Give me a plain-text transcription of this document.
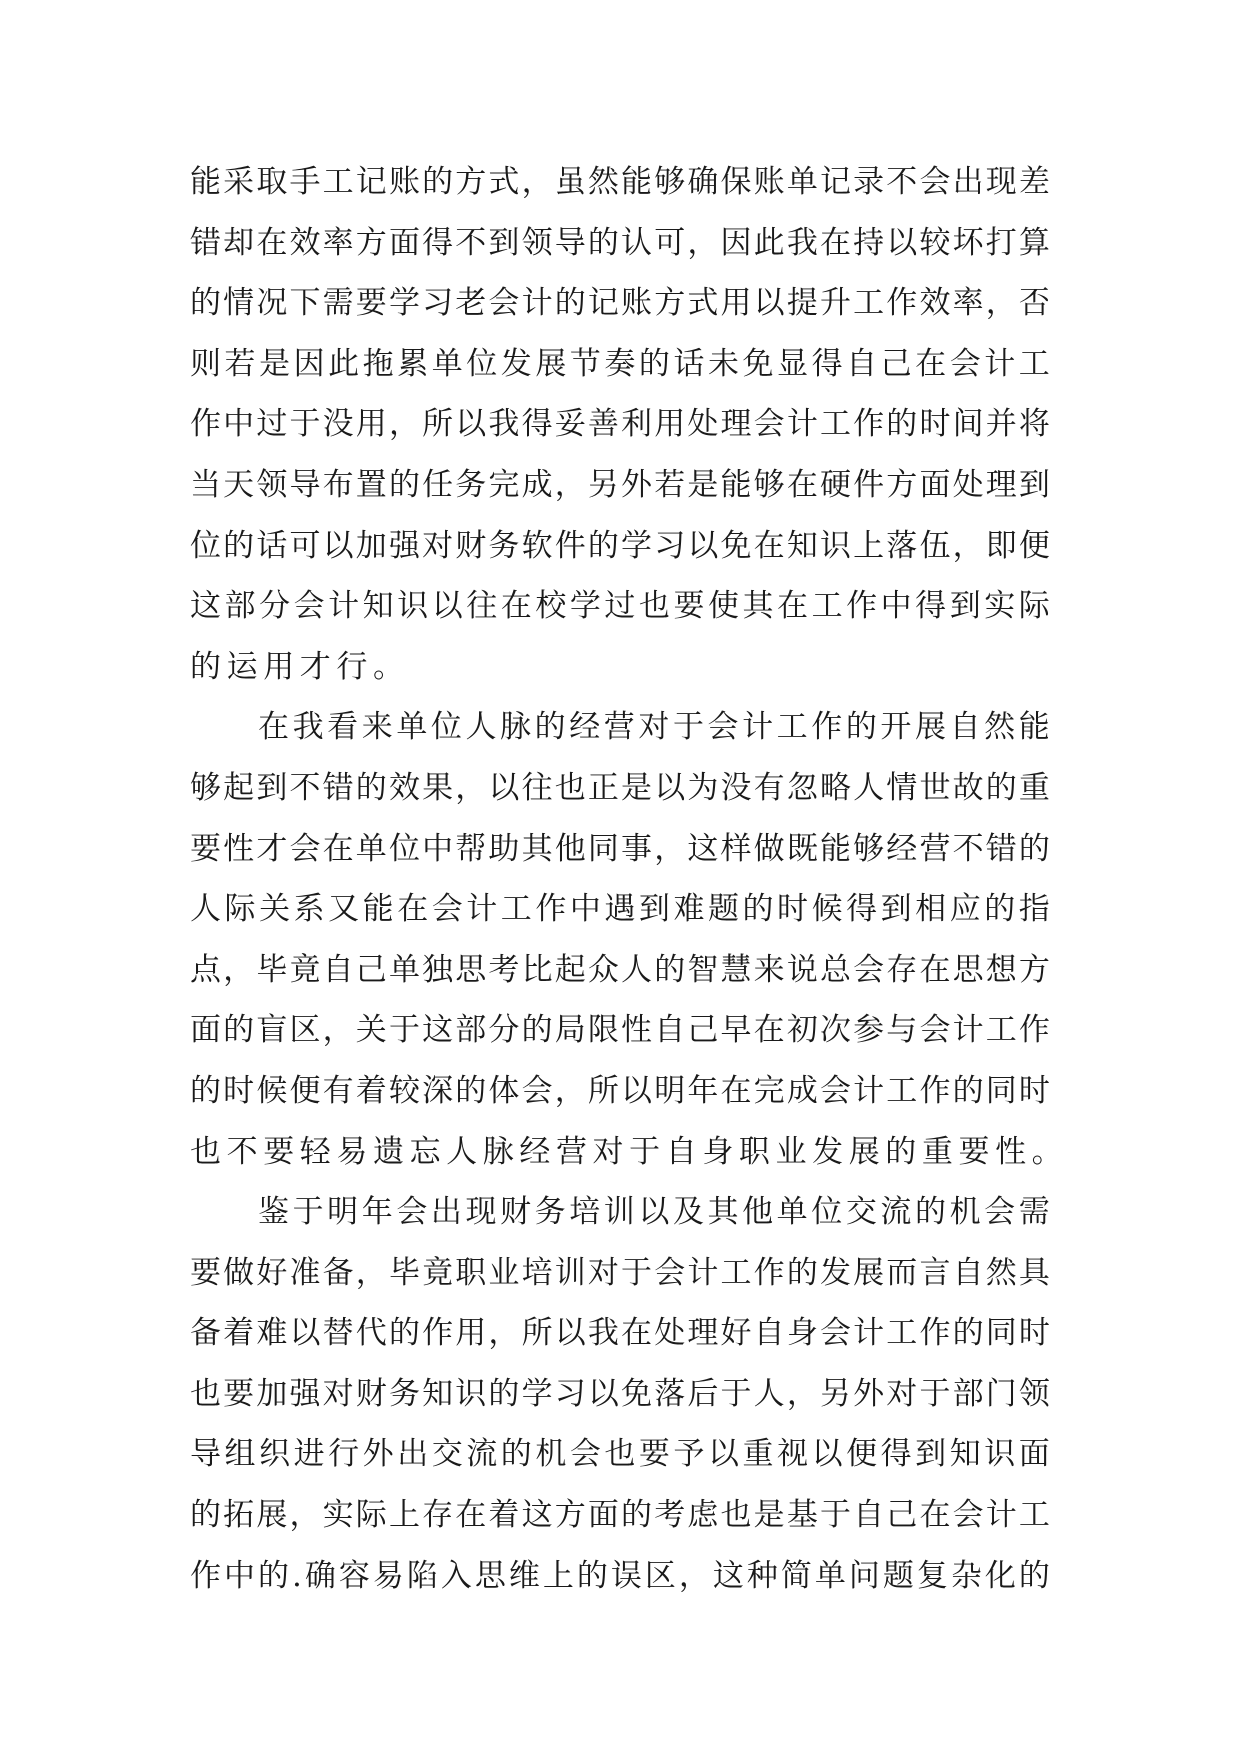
能 采 取 手 工 记 账 的 方 式 ， 虽 然 能 够 确 保 账 单 记 录 不 会 出 现 差
错 却 在 效 率 方 面 得 不 到 领 导 的 认 可 ， 因 此 我 在 持 以 较 坏 打 算
的 情 况 下 需 要 学 习 老 会 计 的 记 账 方 式 用 以 提 升 工 作 效 率 ， 否
则 若 是 因 此 拖 累 单 位 发 展 节 奏 的 话 未 免 显 得 自 己 在 会 计 工
作 中 过 于 没 用 ， 所 以 我 得 妥 善 利 用 处 理 会 计 工 作 的 时 间 并 将
当 天 领 导 布 置 的 任 务 完 成 ， 另 外 若 是 能 够 在 硬 件 方 面 处 理 到
位 的 话 可 以 加 强 对 财 务 软 件 的 学 习 以 免 在 知 识 上 落 伍 ， 即 便
这 部 分 会 计 知 识 以 往 在 校 学 过 也 要 使 其 在 工 作 中 得 到 实 际
的 运 用 才 行 。
在 我 看 来 单 位 人 脉 的 经 营 对 于 会 计 工 作 的 开 展 自 然 能
够 起 到 不 错 的 效 果 ， 以 往 也 正 是 以 为 没 有 忽 略 人 情 世 故 的 重
要 性 才 会 在 单 位 中 帮 助 其 他 同 事 ， 这 样 做 既 能 够 经 营 不 错 的
人 际 关 系 又 能 在 会 计 工 作 中 遇 到 难 题 的 时 候 得 到 相 应 的 指
点 ， 毕 竟 自 己 单 独 思 考 比 起 众 人 的 智 慧 来 说 总 会 存 在 思 想 方
面 的 盲 区 ， 关 于 这 部 分 的 局 限 性 自 己 早 在 初 次 参 与 会 计 工 作
的 时 候 便 有 着 较 深 的 体 会 ， 所 以 明 年 在 完 成 会 计 工 作 的 同 时
也 不 要 轻 易 遗 忘 人 脉 经 营 对 于 自 身 职 业 发 展 的 重 要 性 。
鉴 于 明 年 会 出 现 财 务 培 训 以 及 其 他 单 位 交 流 的 机 会 需
要 做 好 准 备 ， 毕 竟 职 业 培 训 对 于 会 计 工 作 的 发 展 而 言 自 然 具
备 着 难 以 替 代 的 作 用 ， 所 以 我 在 处 理 好 自 身 会 计 工 作 的 同 时
也 要 加 强 对 财 务 知 识 的 学 习 以 免 落 后 于 人 ， 另 外 对 于 部 门 领
导 组 织 进 行 外 出 交 流 的 机 会 也 要 予 以 重 视 以 便 得 到 知 识 面
的 拓 展 ， 实 际 上 存 在 着 这 方 面 的 考 虑 也 是 基 于 自 己 在 会 计 工
作 中 的 . 确 容 易 陷 入 思 维 上 的 误 区 ， 这 种 简 单 问 题 复 杂 化 的
